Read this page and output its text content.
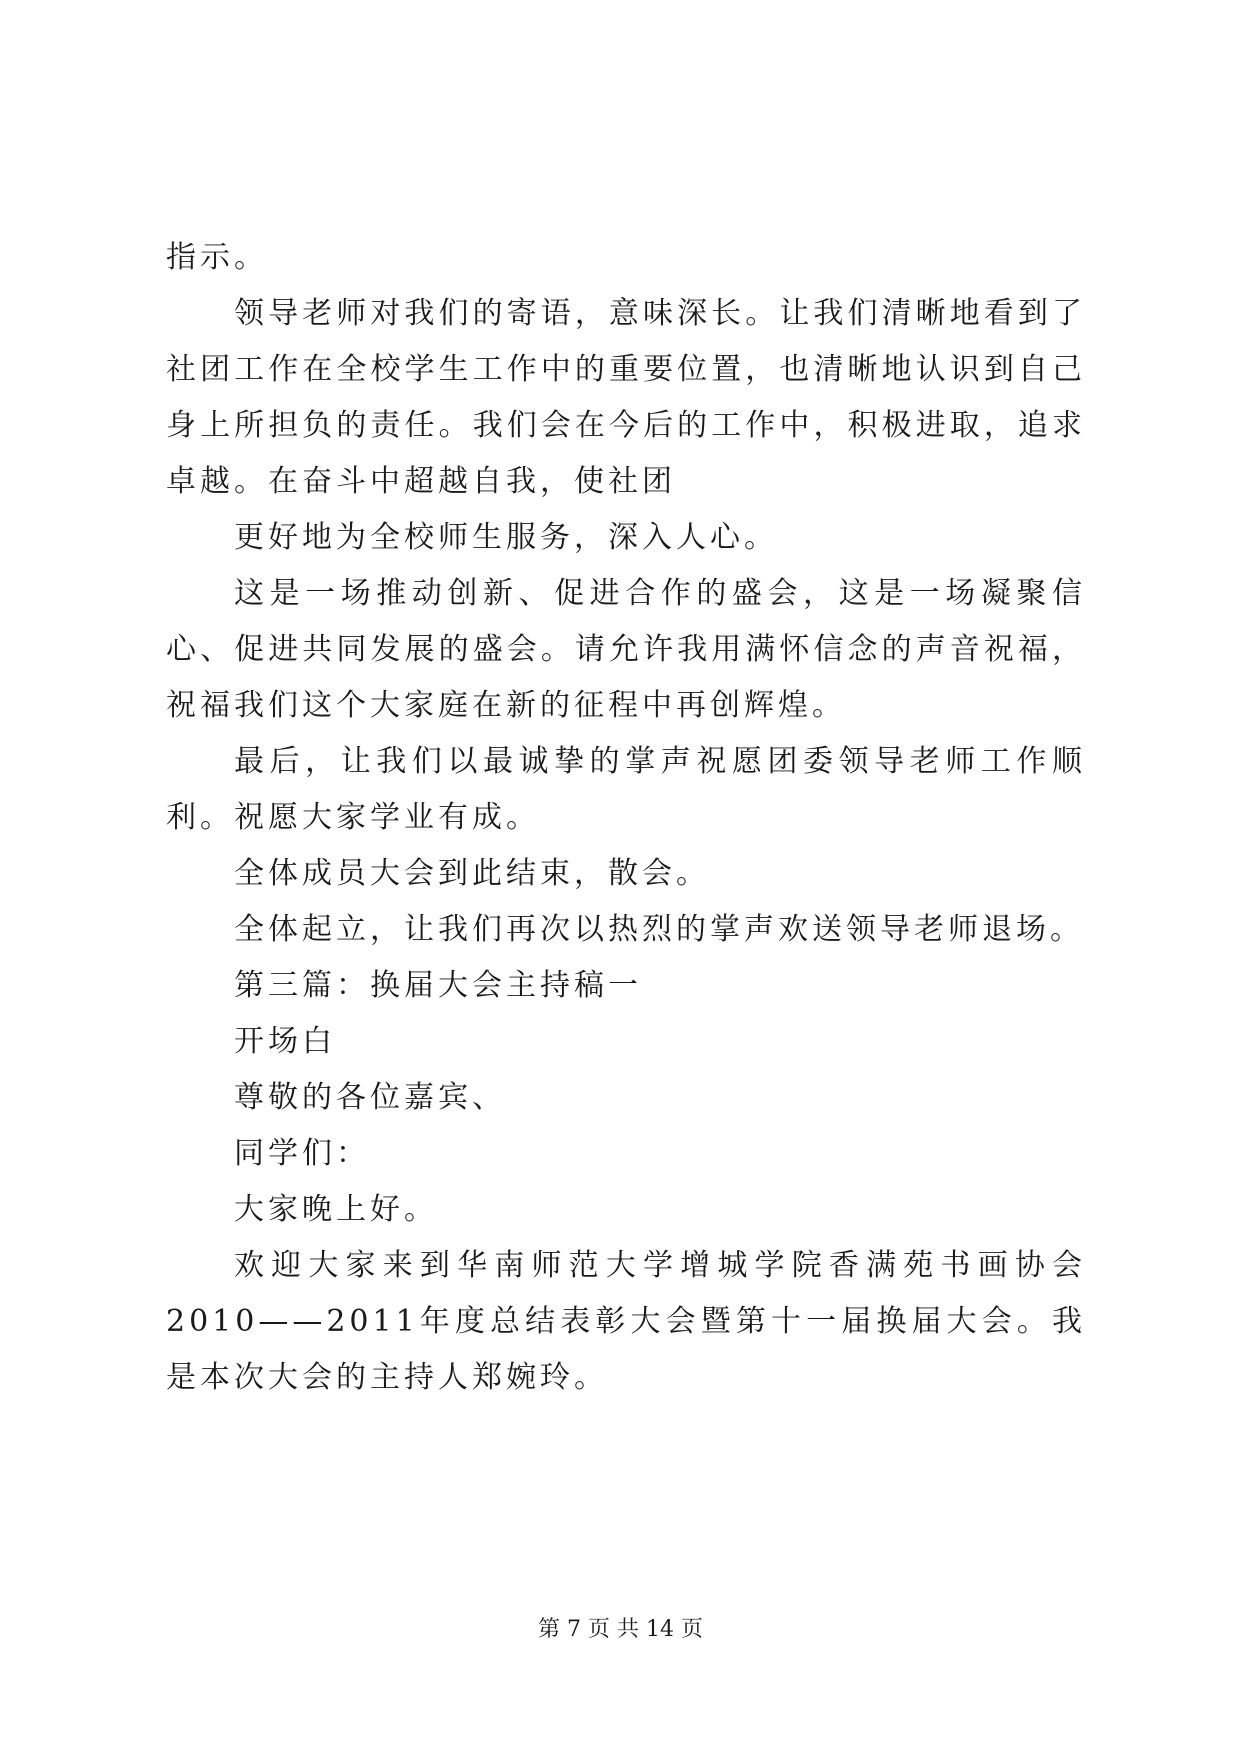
指示。

领导老师对我们的寄语，意味深长。让我们清晰地看到了社团工作在全校学生工作中的重要位置，也清晰地认识到自己身上所担负的责任。我们会在今后的工作中，积极进取，追求卓越。在奋斗中超越自我，使社团

更好地为全校师生服务，深入人心。

这是一场推动创新、促进合作的盛会，这是一场凝聚信心、促进共同发展的盛会。请允许我用满怀信念的声音祝福，祝福我们这个大家庭在新的征程中再创辉煌。

最后，让我们以最诚挚的掌声祝愿团委领导老师工作顺利。祝愿大家学业有成。

全体成员大会到此结束，散会。

全体起立，让我们再次以热烈的掌声欢送领导老师退场。

第三篇：换届大会主持稿一

开场白

尊敬的各位嘉宾、

同学们：

大家晚上好。

欢迎大家来到华南师范大学增城学院香满苑书画协会2010——2011年度总结表彰大会暨第十一届换届大会。我是本次大会的主持人郑婉玲。

第 7 页 共 14 页
